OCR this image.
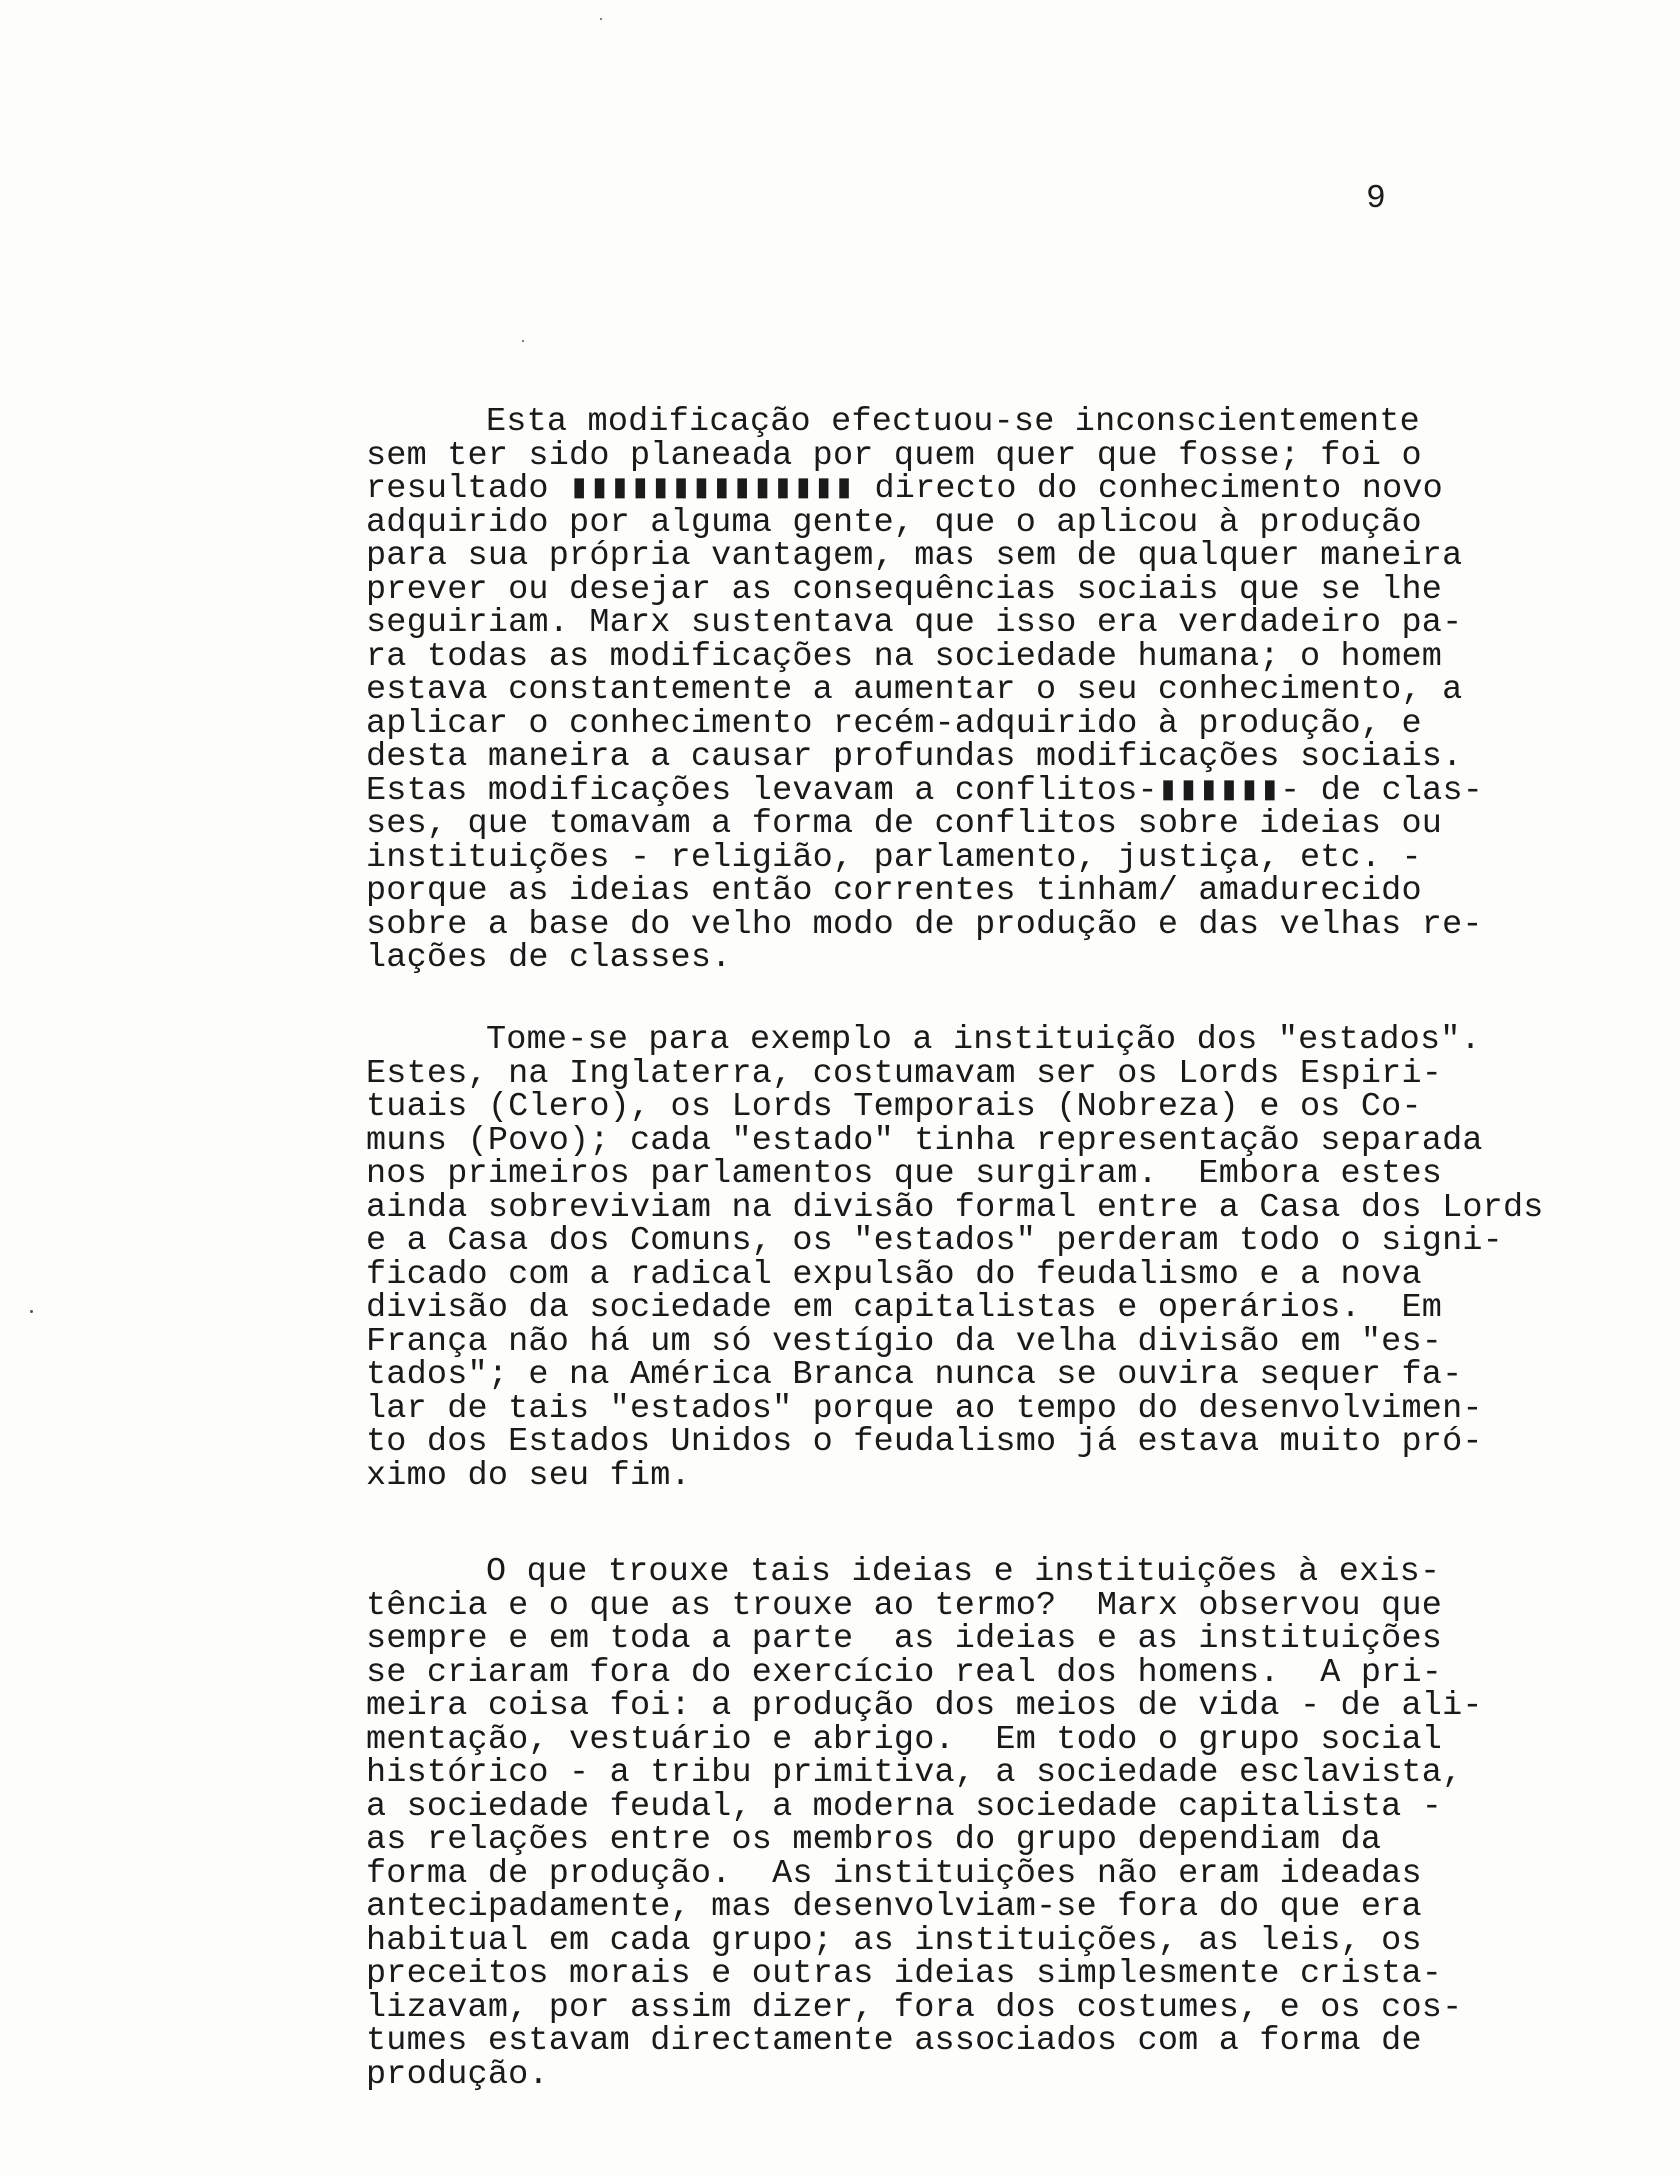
9
Esta modificação efectuou-se inconscientemente
sem ter sido planeada por quem quer que fosse; foi o
resultado ▮▮▮▮▮▮▮▮▮▮▮▮▮▮ directo do conhecimento novo
adquirido por alguma gente, que o aplicou à produção
para sua própria vantagem, mas sem de qualquer maneira
prever ou desejar as consequências sociais que se lhe
seguiriam. Marx sustentava que isso era verdadeiro pa-
ra todas as modificações na sociedade humana; o homem
estava constantemente a aumentar o seu conhecimento, a
aplicar o conhecimento recém-adquirido à produção, e
desta maneira a causar profundas modificações sociais.
Estas modificações levavam a conflitos-▮▮▮▮▮▮- de clas-
ses, que tomavam a forma de conflitos sobre ideias ou
instituições - religião, parlamento, justiça, etc. -
porque as ideias então correntes tinham/ amadurecido
sobre a base do velho modo de produção e das velhas re-
lações de classes.
Tome-se para exemplo a instituição dos "estados".
Estes, na Inglaterra, costumavam ser os Lords Espiri-
tuais (Clero), os Lords Temporais (Nobreza) e os Co-
muns (Povo); cada "estado" tinha representação separada
nos primeiros parlamentos que surgiram.  Embora estes
ainda sobreviviam na divisão formal entre a Casa dos Lords
e a Casa dos Comuns, os "estados" perderam todo o signi-
ficado com a radical expulsão do feudalismo e a nova
divisão da sociedade em capitalistas e operários.  Em
França não há um só vestígio da velha divisão em "es-
tados"; e na América Branca nunca se ouvira sequer fa-
lar de tais "estados" porque ao tempo do desenvolvimen-
to dos Estados Unidos o feudalismo já estava muito pró-
ximo do seu fim.
O que trouxe tais ideias e instituições à exis-
tência e o que as trouxe ao termo?  Marx observou que
sempre e em toda a parte  as ideias e as instituições
se criaram fora do exercício real dos homens.  A pri-
meira coisa foi: a produção dos meios de vida - de ali-
mentação, vestuário e abrigo.  Em todo o grupo social
histórico - a tribu primitiva, a sociedade esclavista,
a sociedade feudal, a moderna sociedade capitalista -
as relações entre os membros do grupo dependiam da
forma de produção.  As instituições não eram ideadas
antecipadamente, mas desenvolviam-se fora do que era
habitual em cada grupo; as instituições, as leis, os
preceitos morais e outras ideias simplesmente crista-
lizavam, por assim dizer, fora dos costumes, e os cos-
tumes estavam directamente associados com a forma de
produção.
